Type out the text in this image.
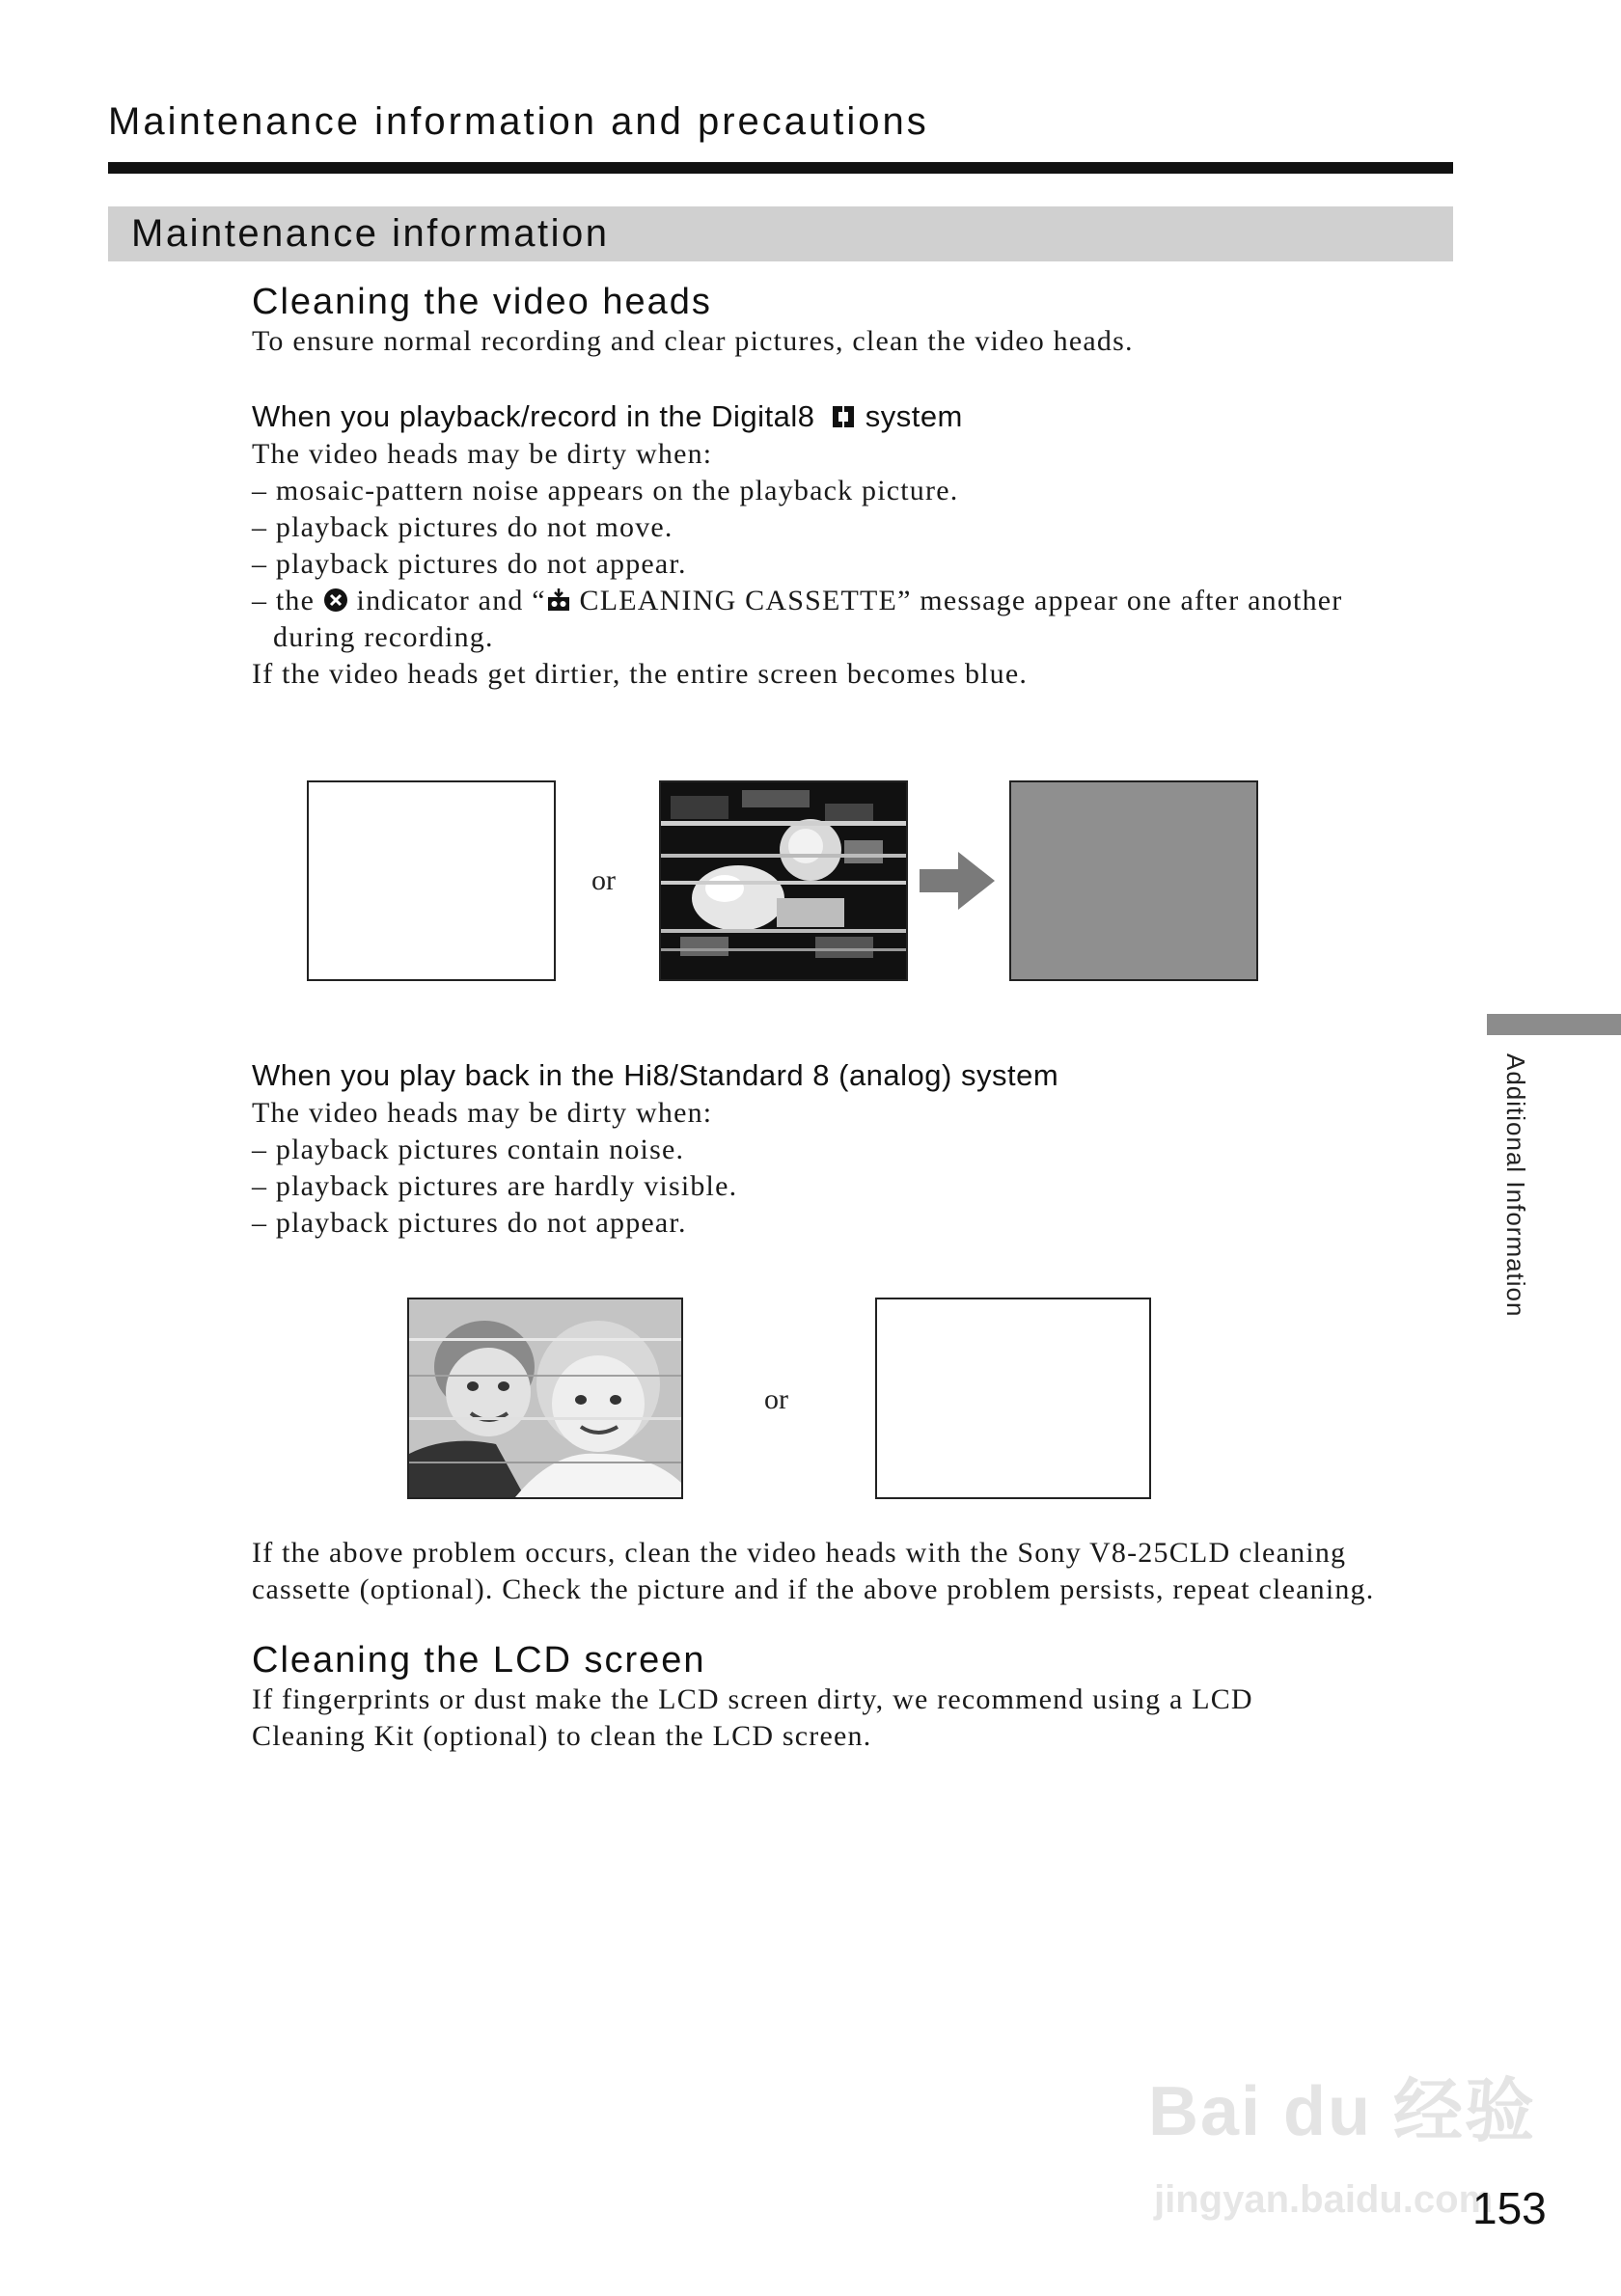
Maintenance information and precautions
Maintenance information
Cleaning the video heads
To ensure normal recording and clear pictures, clean the video heads.
When you playback/record in the Digital8  system
The video heads may be dirty when:
– mosaic-pattern noise appears on the playback picture.
– playback pictures do not move.
– playback pictures do not appear.
– the  indicator and “ CLEANING CASSETTE” message appear one after another
during recording.
If the video heads get dirtier, the entire screen becomes blue.
or
When you play back in the Hi8/Standard 8 (analog) system
The video heads may be dirty when:
– playback pictures contain noise.
– playback pictures are hardly visible.
– playback pictures do not appear.
or
If the above problem occurs, clean the video heads with the Sony V8-25CLD cleaning
cassette (optional). Check the picture and if the above problem persists, repeat cleaning.
Cleaning the LCD screen
If fingerprints or dust make the LCD screen dirty, we recommend using a LCD
Cleaning Kit (optional) to clean the LCD screen.
Additional Information
Bai du 经验
jingyan.baidu.com
153
